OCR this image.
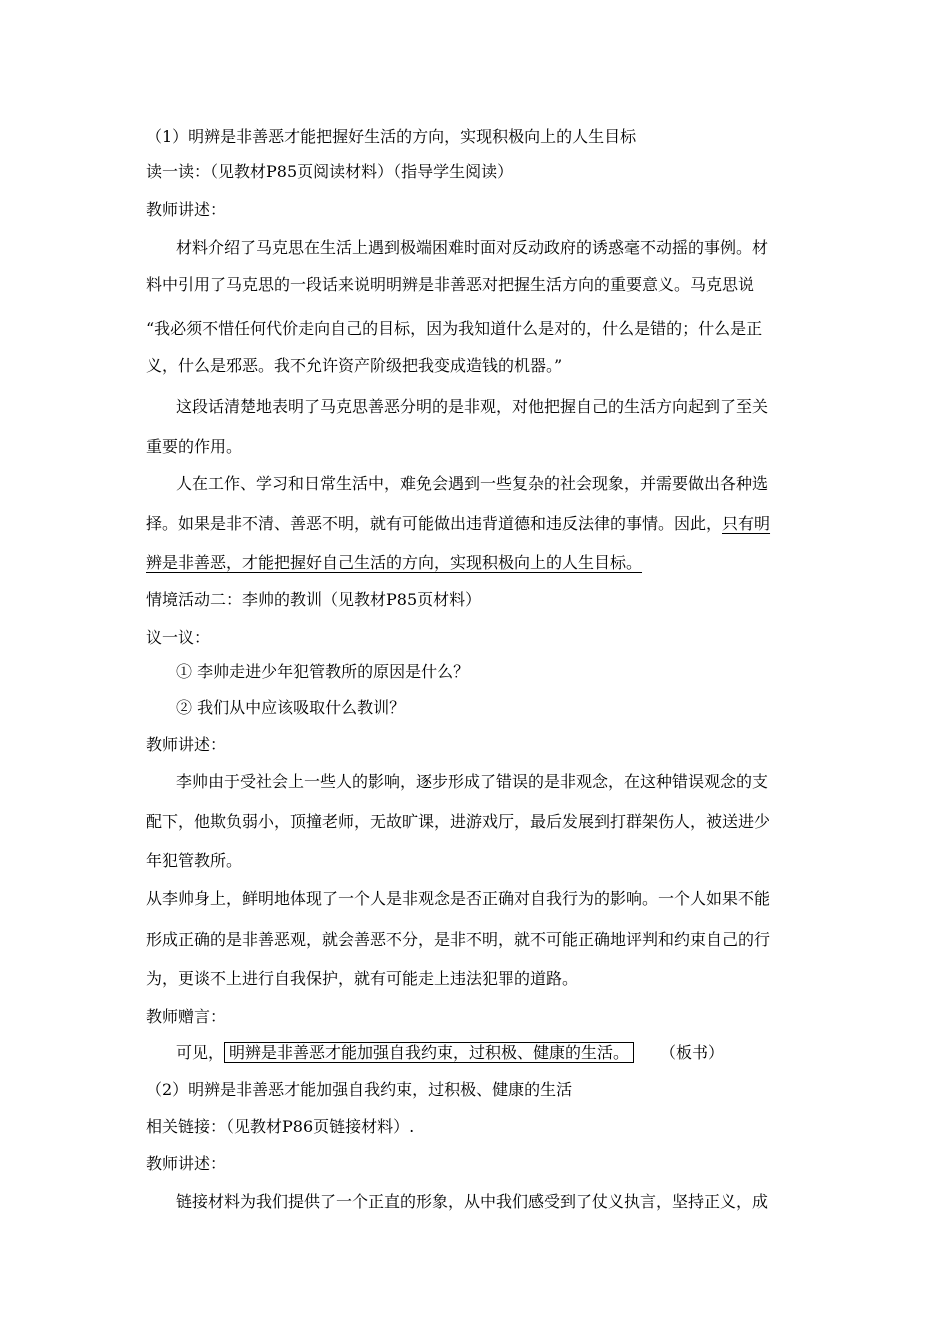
（1）明辨是非善恶才能把握好生活的方向，实现积极向上的人生目标
读一读：（见教材P85页阅读材料）（指导学生阅读）
教师讲述：
材料介绍了马克思在生活上遇到极端困难时面对反动政府的诱惑毫不动摇的事例。材
料中引用了马克思的一段话来说明明辨是非善恶对把握生活方向的重要意义。马克思说
“我必须不惜任何代价走向自己的目标，因为我知道什么是对的，什么是错的；什么是正
义，什么是邪恶。我不允许资产阶级把我变成造钱的机器。”
这段话清楚地表明了马克思善恶分明的是非观，对他把握自己的生活方向起到了至关
重要的作用。
人在工作、学习和日常生活中，难免会遇到一些复杂的社会现象，并需要做出各种选
择。如果是非不清、善恶不明，就有可能做出违背道德和违反法律的事情。因此，只有明
辨是非善恶，才能把握好自己生活的方向，实现积极向上的人生目标。
情境活动二：李帅的教训（见教材P85页材料）
议一议：
① 李帅走进少年犯管教所的原因是什么？
② 我们从中应该吸取什么教训？
教师讲述：
李帅由于受社会上一些人的影响，逐步形成了错误的是非观念，在这种错误观念的支
配下，他欺负弱小，顶撞老师，无故旷课，进游戏厅，最后发展到打群架伤人，被送进少
年犯管教所。
从李帅身上，鲜明地体现了一个人是非观念是否正确对自我行为的影响。一个人如果不能
形成正确的是非善恶观，就会善恶不分，是非不明，就不可能正确地评判和约束自己的行
为，更谈不上进行自我保护，就有可能走上违法犯罪的道路。
教师赠言：
可见， 明辨是非善恶才能加强自我约束，过积极、健康的生活。 （板书）
（2）明辨是非善恶才能加强自我约束，过积极、健康的生活
相关链接：（见教材P86页链接材料）.
教师讲述：
链接材料为我们提供了一个正直的形象，从中我们感受到了仗义执言，坚持正义，成
